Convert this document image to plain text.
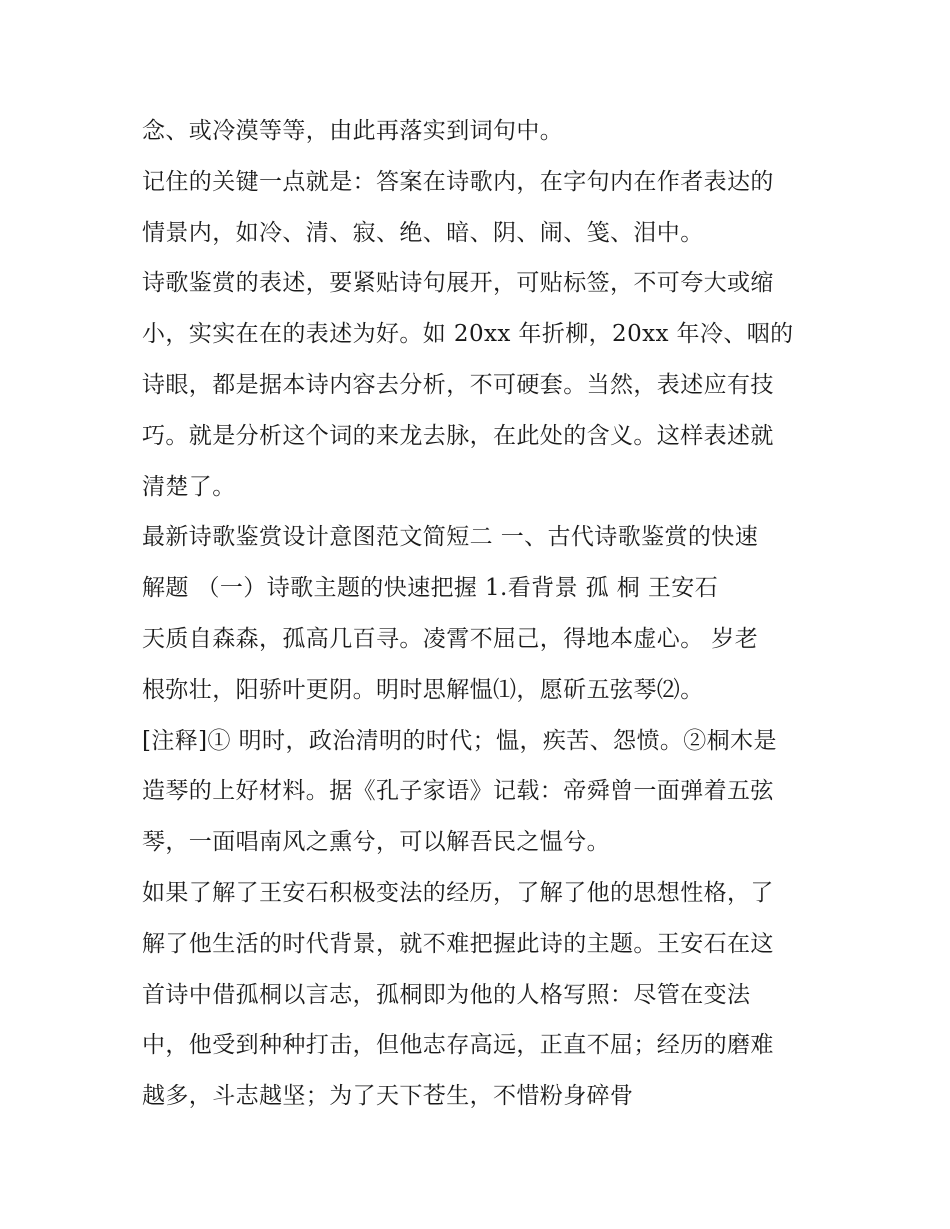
念、或冷漠等等，由此再落实到词句中。
记住的关键一点就是：答案在诗歌内，在字句内在作者表达的
情景内，如冷、清、寂、绝、暗、阴、闹、笺、泪中。
诗歌鉴赏的表述，要紧贴诗句展开，可贴标签，不可夸大或缩
小，实实在在的表述为好。如 20xx 年折柳，20xx 年冷、咽的
诗眼，都是据本诗内容去分析，不可硬套。当然，表述应有技
巧。就是分析这个词的来龙去脉，在此处的含义。这样表述就
清楚了。
最新诗歌鉴赏设计意图范文简短二 一、古代诗歌鉴赏的快速
解题 （一）诗歌主题的快速把握 1.看背景 孤 桐 王安石
天质自森森，孤高几百寻。凌霄不屈己，得地本虚心。 岁老
根弥壮，阳骄叶更阴。明时思解愠⑴，愿斫五弦琴⑵。
[注释]① 明时，政治清明的时代；愠，疾苦、怨愤。②桐木是
造琴的上好材料。据《孔子家语》记载：帝舜曾一面弹着五弦
琴，一面唱南风之熏兮，可以解吾民之愠兮。
如果了解了王安石积极变法的经历，了解了他的思想性格，了
解了他生活的时代背景，就不难把握此诗的主题。王安石在这
首诗中借孤桐以言志，孤桐即为他的人格写照：尽管在变法
中，他受到种种打击，但他志存高远，正直不屈；经历的磨难
越多，斗志越坚；为了天下苍生，不惜粉身碎骨
